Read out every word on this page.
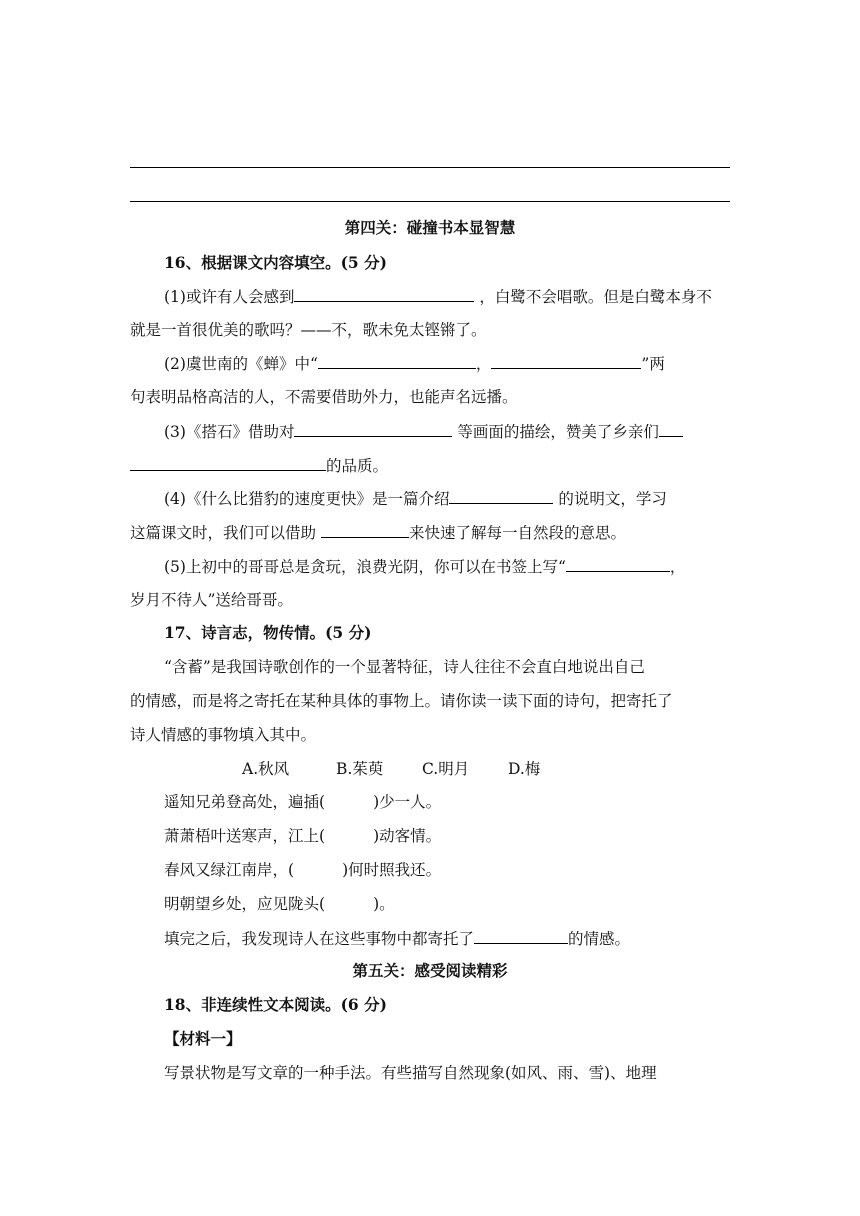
第四关：碰撞书本显智慧
16、根据课文内容填空。(5 分)
(1)或许有人会感到	，白鹭不会唱歌。但是白鹭本身不
就是一首很优美的歌吗？——不，歌未免太铿锵了。
(2)虞世南的《蝉》中“	，	”两
句表明品格高洁的人，不需要借助外力，也能声名远播。
(3)《搭石》借助对	等画面的描绘，赞美了乡亲们
的品质。
(4)《什么比猎豹的速度更快》是一篇介绍	的说明文，学习
这篇课文时，我们可以借助	来快速了解每一自然段的意思。
(5)上初中的哥哥总是贪玩，浪费光阴，你可以在书签上写“	，
岁月不待人”送给哥哥。
17、诗言志，物传情。(5 分)
“含蓄”是我国诗歌创作的一个显著特征，诗人往往不会直白地说出自己
的情感，而是将之寄托在某种具体的事物上。请你读一读下面的诗句，把寄托了
诗人情感的事物填入其中。
A.秋风	B.茱萸 C.明月	D.梅
遥知兄弟登高处，遍插(	)少一人。
萧萧梧叶送寒声，江上(	)动客情。
春风又绿江南岸，(	)何时照我还。
明朝望乡处，应见陇头(	)。
填完之后，我发现诗人在这些事物中都寄托了	的情感。
第五关：感受阅读精彩
18、非连续性文本阅读。(6 分)
【材料一】
写景状物是写文章的一种手法。有些描写自然现象(如风、雨、雪)、地理
